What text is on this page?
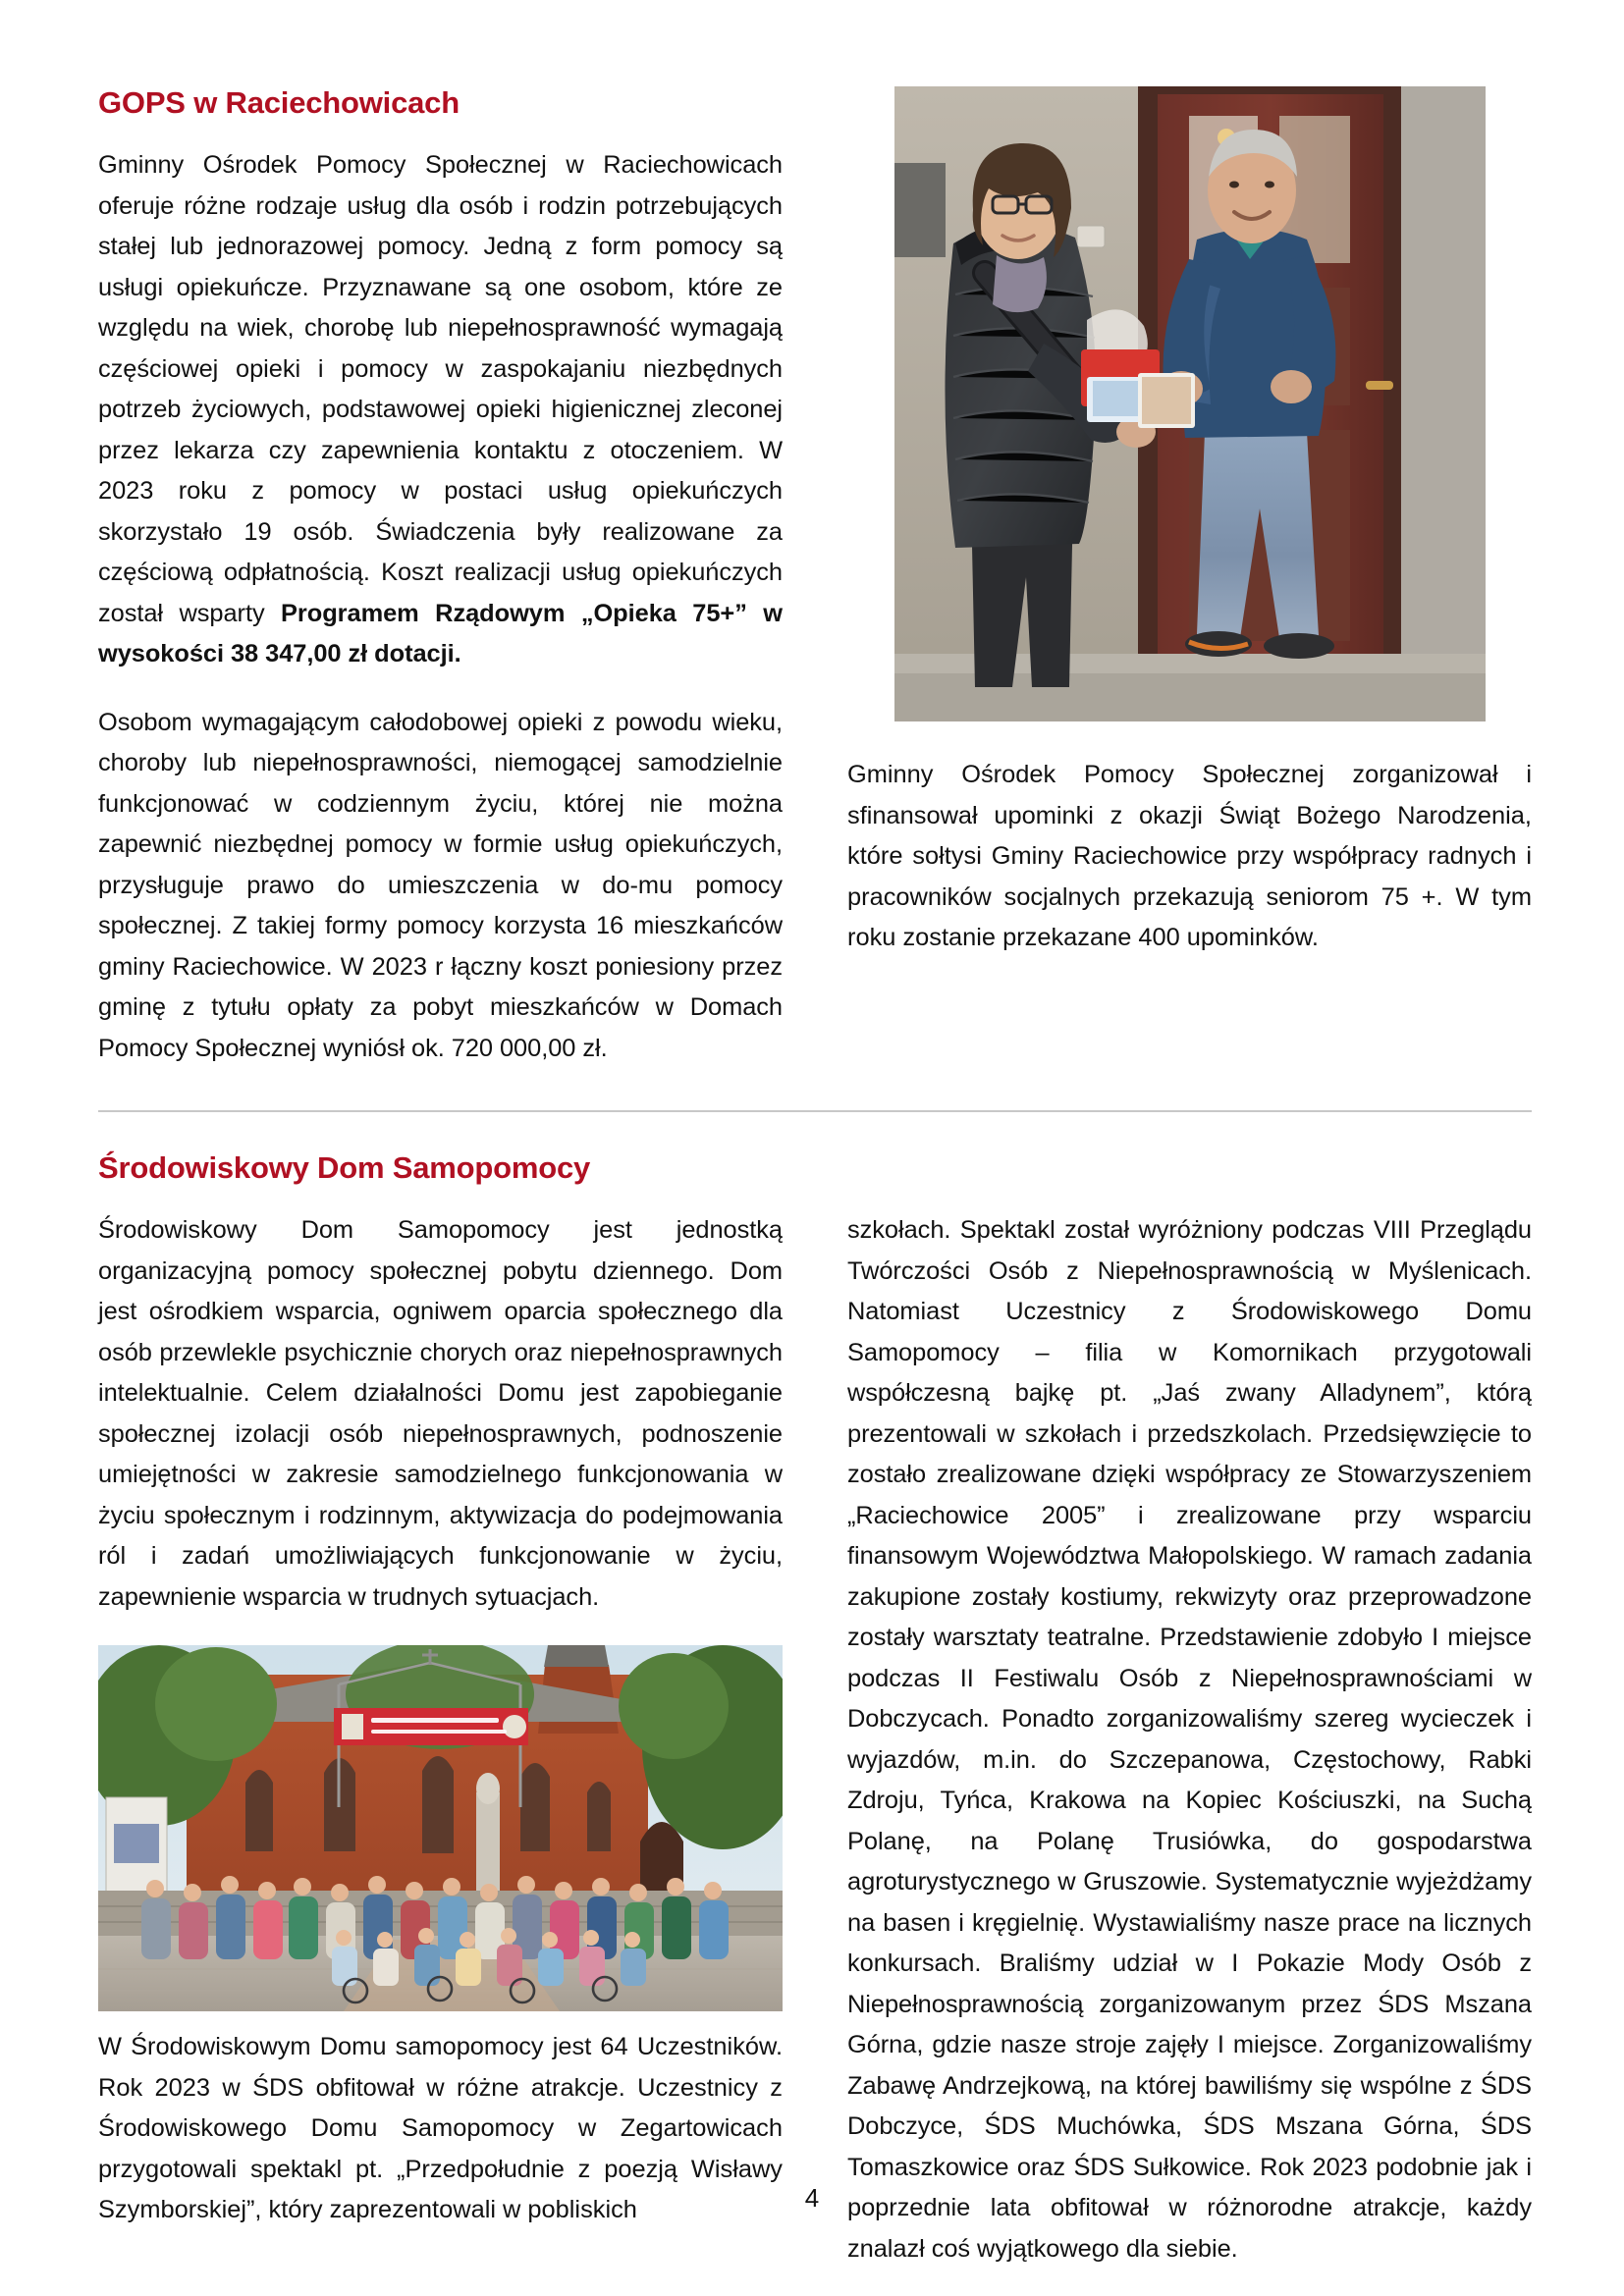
GOPS w Raciechowicach

Gminny Ośrodek Pomocy Społecznej w Raciechowicach oferuje różne rodzaje usług dla osób i rodzin potrzebujących stałej lub jednorazowej pomocy. Jedną z form pomocy są usługi opiekuńcze. Przyznawane są one osobom, które ze względu na wiek, chorobę lub niepełnosprawność wymagają częściowej opieki i pomocy w zaspokajaniu niezbędnych potrzeb życiowych, podstawowej opieki higienicznej zleconej przez lekarza czy zapewnienia kontaktu z otoczeniem. W 2023 roku z pomocy w postaci usług opiekuńczych skorzystało 19 osób. Świadczenia były realizowane za częściową odpłatnością. Koszt realizacji usług opiekuńczych został wsparty Programem Rządowym „Opieka 75+” w wysokości 38 347,00 zł dotacji.

Osobom wymagającym całodobowej opieki z powodu wieku, choroby lub niepełnosprawności, niemogącej samodzielnie funkcjonować w codziennym życiu, której nie można zapewnić niezbędnej pomocy w formie usług opiekuńczych, przysługuje prawo do umieszczenia w do-mu pomocy społecznej. Z takiej formy pomocy korzysta 16 mieszkańców gminy Raciechowice. W 2023 r łączny koszt poniesiony przez gminę z tytułu opłaty za pobyt mieszkańców w Domach Pomocy Społecznej wyniósł ok. 720 000,00 zł.

Gminny Ośrodek Pomocy Społecznej zorganizował i sfinansował upominki z okazji Świąt Bożego Narodzenia, które sołtysi Gminy Raciechowice przy współpracy radnych i pracowników socjalnych przekazują seniorom 75 +. W tym roku zostanie przekazane 400 upominków.

Środowiskowy Dom Samopomocy

Środowiskowy Dom Samopomocy jest jednostką organizacyjną pomocy społecznej pobytu dziennego. Dom jest ośrodkiem wsparcia, ogniwem oparcia społecznego dla osób przewlekle psychicznie chorych oraz niepełnosprawnych intelektualnie. Celem działalności Domu jest zapobieganie społecznej izolacji osób niepełnosprawnych, podnoszenie umiejętności w zakresie samodzielnego funkcjonowania w życiu społecznym i rodzinnym, aktywizacja do podejmowania ról i zadań umożliwiających funkcjonowanie w życiu, zapewnienie wsparcia w trudnych sytuacjach.

W Środowiskowym Domu samopomocy jest 64 Uczestników. Rok 2023 w ŚDS obfitował w różne atrakcje. Uczestnicy z Środowiskowego Domu Samopomocy w Zegartowicach przygotowali spektakl pt. „Przedpołudnie z poezją Wisławy Szymborskiej”, który zaprezentowali w pobliskich

szkołach. Spektakl został wyróżniony podczas VIII Przeglądu Twórczości Osób z Niepełnosprawnością w Myślenicach. Natomiast Uczestnicy z Środowiskowego Domu Samopomocy – filia w Komornikach przygotowali współczesną bajkę pt. „Jaś zwany Alladynem”, którą prezentowali w szkołach i przedszkolach. Przedsięwzięcie to zostało zrealizowane dzięki współpracy ze Stowarzyszeniem „Raciechowice 2005” i zrealizowane przy wsparciu finansowym Województwa Małopolskiego. W ramach zadania zakupione zostały kostiumy, rekwizyty oraz przeprowadzone zostały warsztaty teatralne. Przedstawienie zdobyło I miejsce podczas II Festiwalu Osób z Niepełnosprawnościami w Dobczycach. Ponadto zorganizowaliśmy szereg wycieczek i wyjazdów, m.in. do Szczepanowa, Częstochowy, Rabki Zdroju, Tyńca, Krakowa na Kopiec Kościuszki, na Suchą Polanę, na Polanę Trusiówka, do gospodarstwa agroturystycznego w Gruszowie. Systematycznie wyjeżdżamy na basen i kręgielnię. Wystawialiśmy nasze prace na licznych konkursach. Braliśmy udział w I Pokazie Mody Osób z Niepełnosprawnością zorganizowanym przez ŚDS Mszana Górna, gdzie nasze stroje zajęły I miejsce. Zorganizowaliśmy Zabawę Andrzejkową, na której bawiliśmy się wspólne z ŚDS Dobczyce, ŚDS Muchówka, ŚDS Mszana Górna, ŚDS Tomaszkowice oraz ŚDS Sułkowice. Rok 2023 podobnie jak i poprzednie lata obfitował w różnorodne atrakcje, każdy znalazł coś wyjątkowego dla siebie.

4
